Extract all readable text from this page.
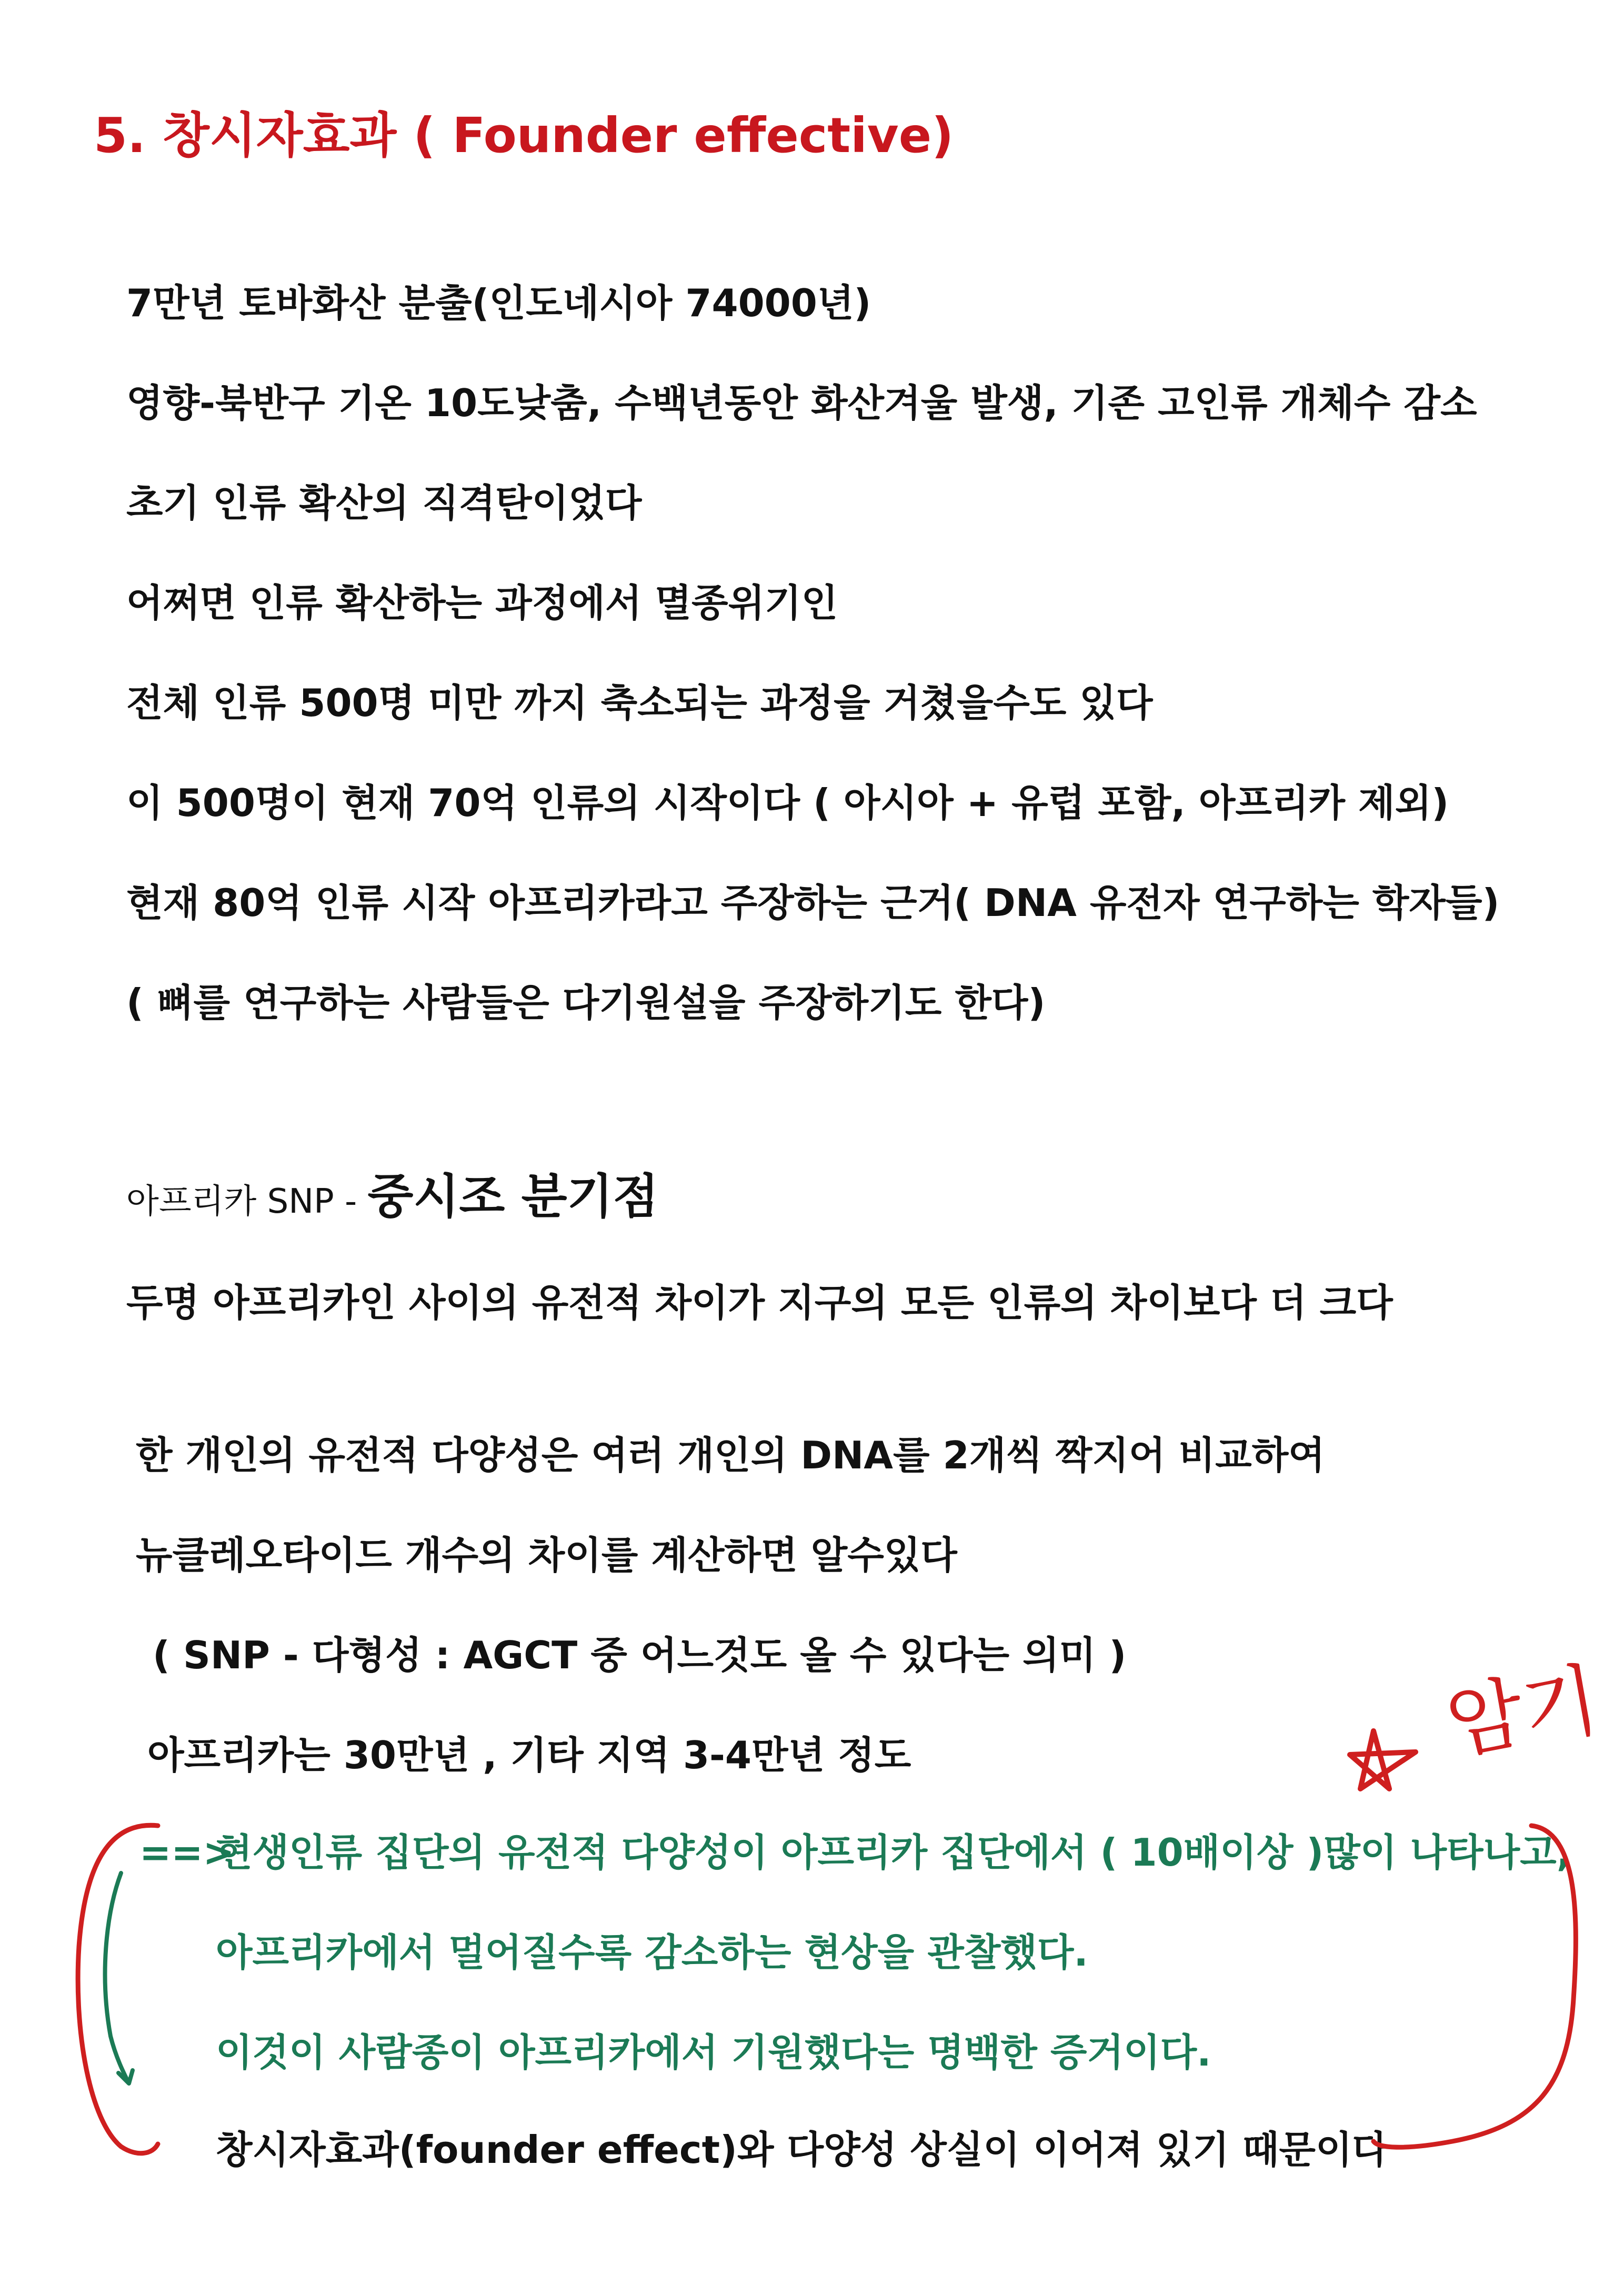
5. 창시자효과 ( Founder effective)
7만년 토바화산 분출(인도네시아 74000년)
영향-북반구 기온 10도낮춤, 수백년동안 화산겨울 발생, 기존 고인류 개체수 감소
초기 인류 확산의 직격탄이었다
어쩌면 인류 확산하는 과정에서 멸종위기인
전체 인류 500명 미만 까지 축소되는 과정을 거쳤을수도 있다
이 500명이 현재 70억 인류의 시작이다 ( 아시아 + 유럽 포함, 아프리카 제외)
현재 80억 인류 시작 아프리카라고 주장하는 근거( DNA 유전자 연구하는 학자들)
( 뼈를 연구하는 사람들은 다기원설을 주장하기도 한다)
아프리카 SNP - 중시조 분기점
두명 아프리카인 사이의 유전적 차이가 지구의 모든 인류의 차이보다 더 크다
한 개인의 유전적 다양성은 여러 개인의 DNA를 2개씩 짝지어 비교하여
뉴클레오타이드 개수의 차이를 계산하면 알수있다
( SNP - 다형성 : AGCT 중 어느것도 올 수 있다는 의미 )
아프리카는 30만년 , 기타 지역 3-4만년 정도
==>
현생인류 집단의 유전적 다양성이 아프리카 집단에서 ( 10배이상 )많이 나타나고,
아프리카에서 멀어질수록 감소하는 현상을 관찰했다.
이것이 사람종이 아프리카에서 기원했다는 명백한 증거이다.
창시자효과(founder effect)와 다양성 상실이 이어져 있기 때문이다
암기
